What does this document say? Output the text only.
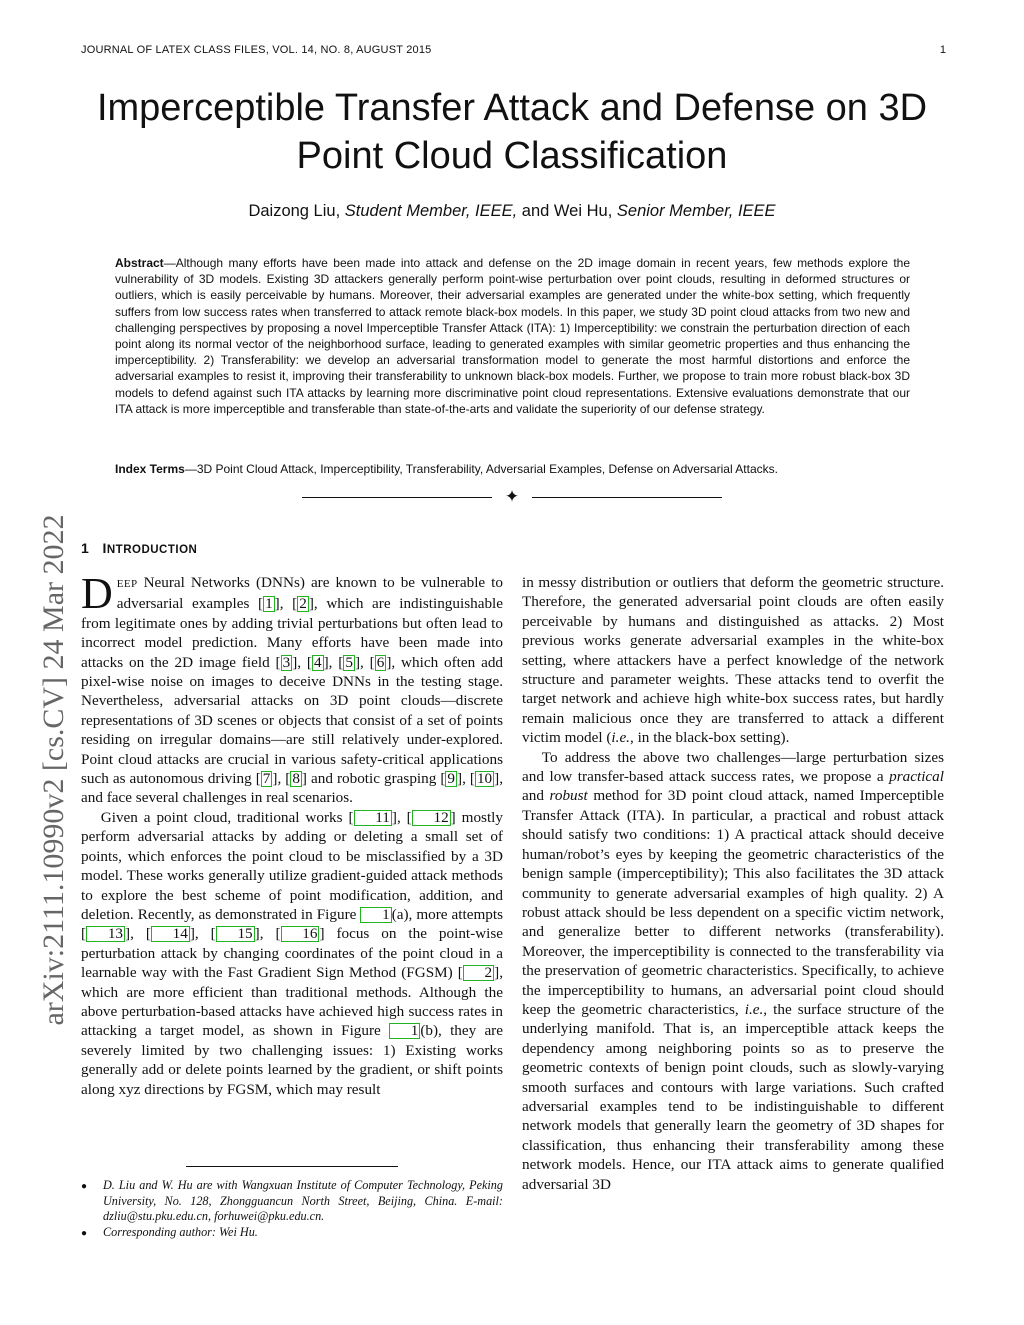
JOURNAL OF LATEX CLASS FILES, VOL. 14, NO. 8, AUGUST 2015	1
arXiv:2111.10990v2 [cs.CV] 24 Mar 2022
Imperceptible Transfer Attack and Defense on 3D Point Cloud Classification
Daizong Liu, Student Member, IEEE, and Wei Hu, Senior Member, IEEE

Abstract—Although many efforts have been made into attack and defense on the 2D image domain in recent years, few methods explore the vulnerability of 3D models. Existing 3D attackers generally perform point-wise perturbation over point clouds, resulting in deformed structures or outliers, which is easily perceivable by humans. Moreover, their adversarial examples are generated under the white-box setting, which frequently suffers from low success rates when transferred to attack remote black-box models. In this paper, we study 3D point cloud attacks from two new and challenging perspectives by proposing a novel Imperceptible Transfer Attack (ITA): 1) Imperceptibility: we constrain the perturbation direction of each point along its normal vector of the neighborhood surface, leading to generated examples with similar geometric properties and thus enhancing the imperceptibility. 2) Transferability: we develop an adversarial transformation model to generate the most harmful distortions and enforce the adversarial examples to resist it, improving their transferability to unknown black-box models. Further, we propose to train more robust black-box 3D models to defend against such ITA attacks by learning more discriminative point cloud representations. Extensive evaluations demonstrate that our ITA attack is more imperceptible and transferable than state-of-the-arts and validate the superiority of our defense strategy.

Index Terms—3D Point Cloud Attack, Imperceptibility, Transferability, Adversarial Examples, Defense on Adversarial Attacks.

✦
1 INTRODUCTION

DEEP Neural Networks (DNNs) are known to be vulnerable to adversarial examples [ 1 ], [ 2 ], which are indistinguishable from legitimate ones by adding trivial perturbations but often lead to incorrect model prediction. Many efforts have been made into attacks on the 2D image field [ 3 ], [ 4 ], [ 5 ], [ 6 ], which often add pixel-wise noise on images to deceive DNNs in the testing stage. Nevertheless, adversarial attacks on 3D point clouds—discrete representations of 3D scenes or objects that consist of a set of points residing on irregular domains—are still relatively under-explored. Point cloud attacks are crucial in various safety-critical applications such as autonomous driving [ 7 ], [ 8 ] and robotic grasping [ 9 ], [ 10 ], and face several challenges in real scenarios.

Given a point cloud, traditional works [ 11 ], [ 12 ] mostly perform adversarial attacks by adding or deleting a small set of points, which enforces the point cloud to be misclassified by a 3D model. These works generally utilize gradient-guided attack methods to explore the best scheme of point modification, addition, and deletion. Recently, as demonstrated in Figure 1 (a), more attempts [ 13 ], [ 14 ], [ 15 ], [ 16 ] focus on the point-wise perturbation attack by changing coordinates of the point cloud in a learnable way with the Fast Gradient Sign Method (FGSM) [ 2 ], which are more efficient than traditional methods. Although the above perturbation-based attacks have achieved high success rates in attacking a target model, as shown in Figure 1 (b), they are severely limited by two challenging issues: 1) Existing works generally add or delete points learned by the gradient, or shift points along xyz directions by FGSM, which may result

in messy distribution or outliers that deform the geometric structure. Therefore, the generated adversarial point clouds are often easily perceivable by humans and distinguished as attacks. 2) Most previous works generate adversarial examples in the white-box setting, where attackers have a perfect knowledge of the network structure and parameter weights. These attacks tend to overfit the target network and achieve high white-box success rates, but hardly remain malicious once they are transferred to attack a different victim model (i.e., in the black-box setting).

To address the above two challenges—large perturbation sizes and low transfer-based attack success rates, we propose a practical and robust method for 3D point cloud attack, named Imperceptible Transfer Attack (ITA). In particular, a practical and robust attack should satisfy two conditions: 1) A practical attack should deceive human/robot’s eyes by keeping the geometric characteristics of the benign sample (imperceptibility); This also facilitates the 3D attack community to generate adversarial examples of high quality. 2) A robust attack should be less dependent on a specific victim network, and generalize better to different networks (transferability). Moreover, the imperceptibility is connected to the transferability via the preservation of geometric characteristics. Specifically, to achieve the imperceptibility to humans, an adversarial point cloud should keep the geometric characteristics, i.e., the surface structure of the underlying manifold. That is, an imperceptible attack keeps the dependency among neighboring points so as to preserve the geometric contexts of benign point clouds, such as slowly-varying smooth surfaces and contours with large variations. Such crafted adversarial examples tend to be indistinguishable to different network models that generally learn the geometry of 3D shapes for classification, thus enhancing their transferability among these network models. Hence, our ITA attack aims to generate qualified adversarial 3D

●	D. Liu and W. Hu are with Wangxuan Institute of Computer Technology, Peking University, No. 128, Zhongguancun North Street, Beijing, China. E-mail: dzliu@stu.pku.edu.cn, forhuwei@pku.edu.cn.
●	Corresponding author: Wei Hu.
